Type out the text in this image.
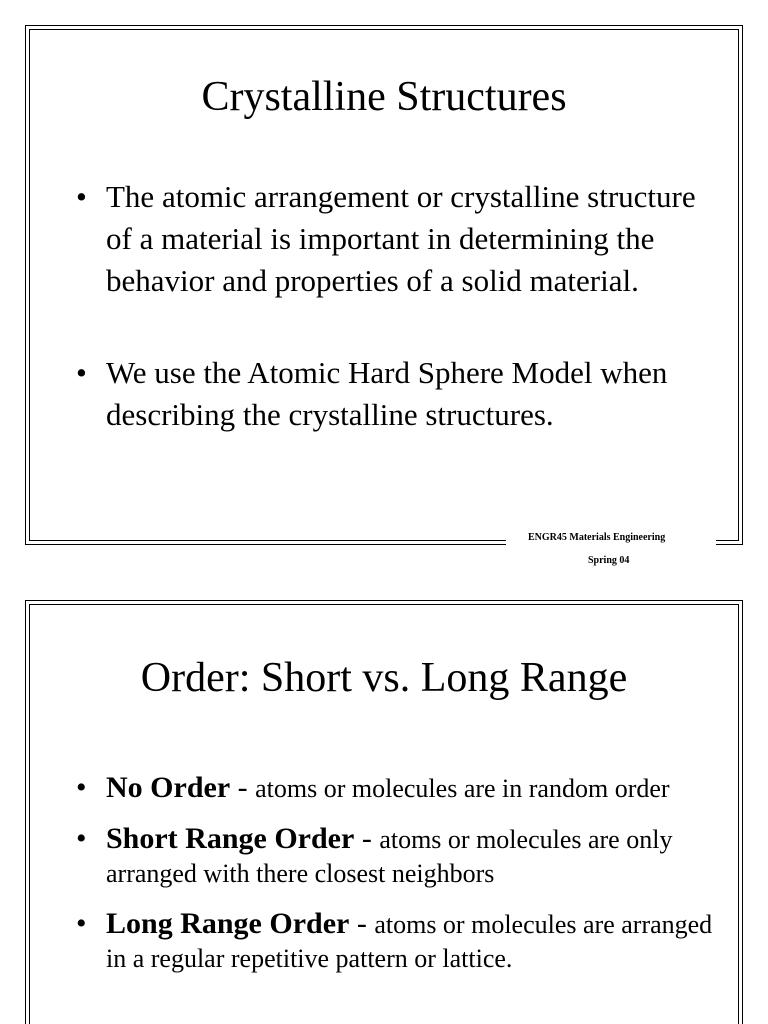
Crystalline Structures
• The atomic arrangement or crystalline structure of a material is important in determining the behavior and properties of a solid material.
• We use the Atomic Hard Sphere Model when describing the crystalline structures.
ENGR45 Materials Engineering
Spring 04
Order: Short vs. Long Range
• No Order - atoms or molecules are in random order
• Short Range Order - atoms or molecules are only arranged with there closest neighbors
• Long Range Order - atoms or molecules are arranged in a regular repetitive pattern or lattice.
